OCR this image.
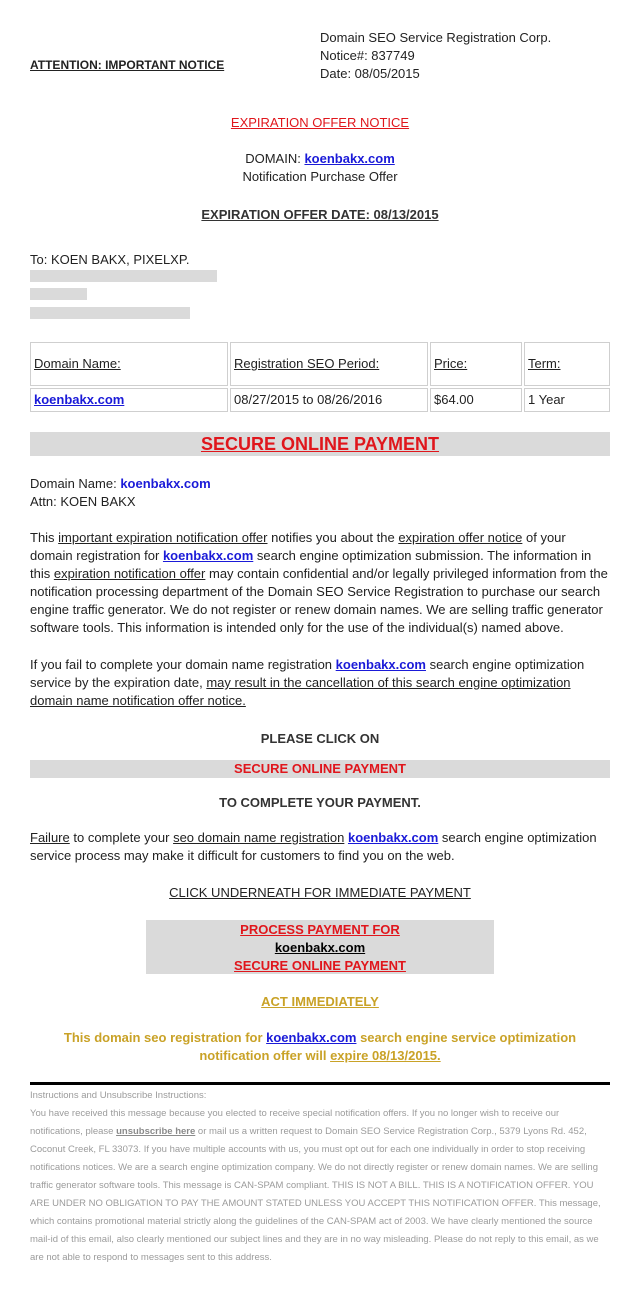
ATTENTION: IMPORTANT NOTICE
Domain SEO Service Registration Corp.
Notice#: 837749
Date: 08/05/2015
EXPIRATION OFFER NOTICE
DOMAIN: koenbakx.com
Notification Purchase Offer
EXPIRATION OFFER DATE: 08/13/2015
To: KOEN BAKX, PIXELXP.
Domain Name:	Registration SEO Period:	Price:	Term:
koenbakx.com	08/27/2015 to 08/26/2016	$64.00	1 Year
SECURE ONLINE PAYMENT
Domain Name: koenbakx.com
Attn: KOEN BAKX
This important expiration notification offer notifies you about the expiration offer notice of your domain registration for koenbakx.com search engine optimization submission. The information in this expiration notification offer may contain confidential and/or legally privileged information from the notification processing department of the Domain SEO Service Registration to purchase our search engine traffic generator. We do not register or renew domain names. We are selling traffic generator software tools. This information is intended only for the use of the individual(s) named above.
If you fail to complete your domain name registration koenbakx.com search engine optimization service by the expiration date, may result in the cancellation of this search engine optimization domain name notification offer notice.
PLEASE CLICK ON
SECURE ONLINE PAYMENT
TO COMPLETE YOUR PAYMENT.
Failure to complete your seo domain name registration koenbakx.com search engine optimization service process may make it difficult for customers to find you on the web.
CLICK UNDERNEATH FOR IMMEDIATE PAYMENT
PROCESS PAYMENT FOR
koenbakx.com
SECURE ONLINE PAYMENT
ACT IMMEDIATELY
This domain seo registration for koenbakx.com search engine service optimization notification offer will expire 08/13/2015.
Instructions and Unsubscribe Instructions:
You have received this message because you elected to receive special notification offers. If you no longer wish to receive our notifications, please unsubscribe here or mail us a written request to Domain SEO Service Registration Corp., 5379 Lyons Rd. 452, Coconut Creek, FL 33073. If you have multiple accounts with us, you must opt out for each one individually in order to stop receiving notifications notices. We are a search engine optimization company. We do not directly register or renew domain names. We are selling traffic generator software tools. This message is CAN-SPAM compliant. THIS IS NOT A BILL. THIS IS A NOTIFICATION OFFER. YOU ARE UNDER NO OBLIGATION TO PAY THE AMOUNT STATED UNLESS YOU ACCEPT THIS NOTIFICATION OFFER. This message, which contains promotional material strictly along the guidelines of the CAN-SPAM act of 2003. We have clearly mentioned the source mail-id of this email, also clearly mentioned our subject lines and they are in no way misleading. Please do not reply to this email, as we are not able to respond to messages sent to this address.
